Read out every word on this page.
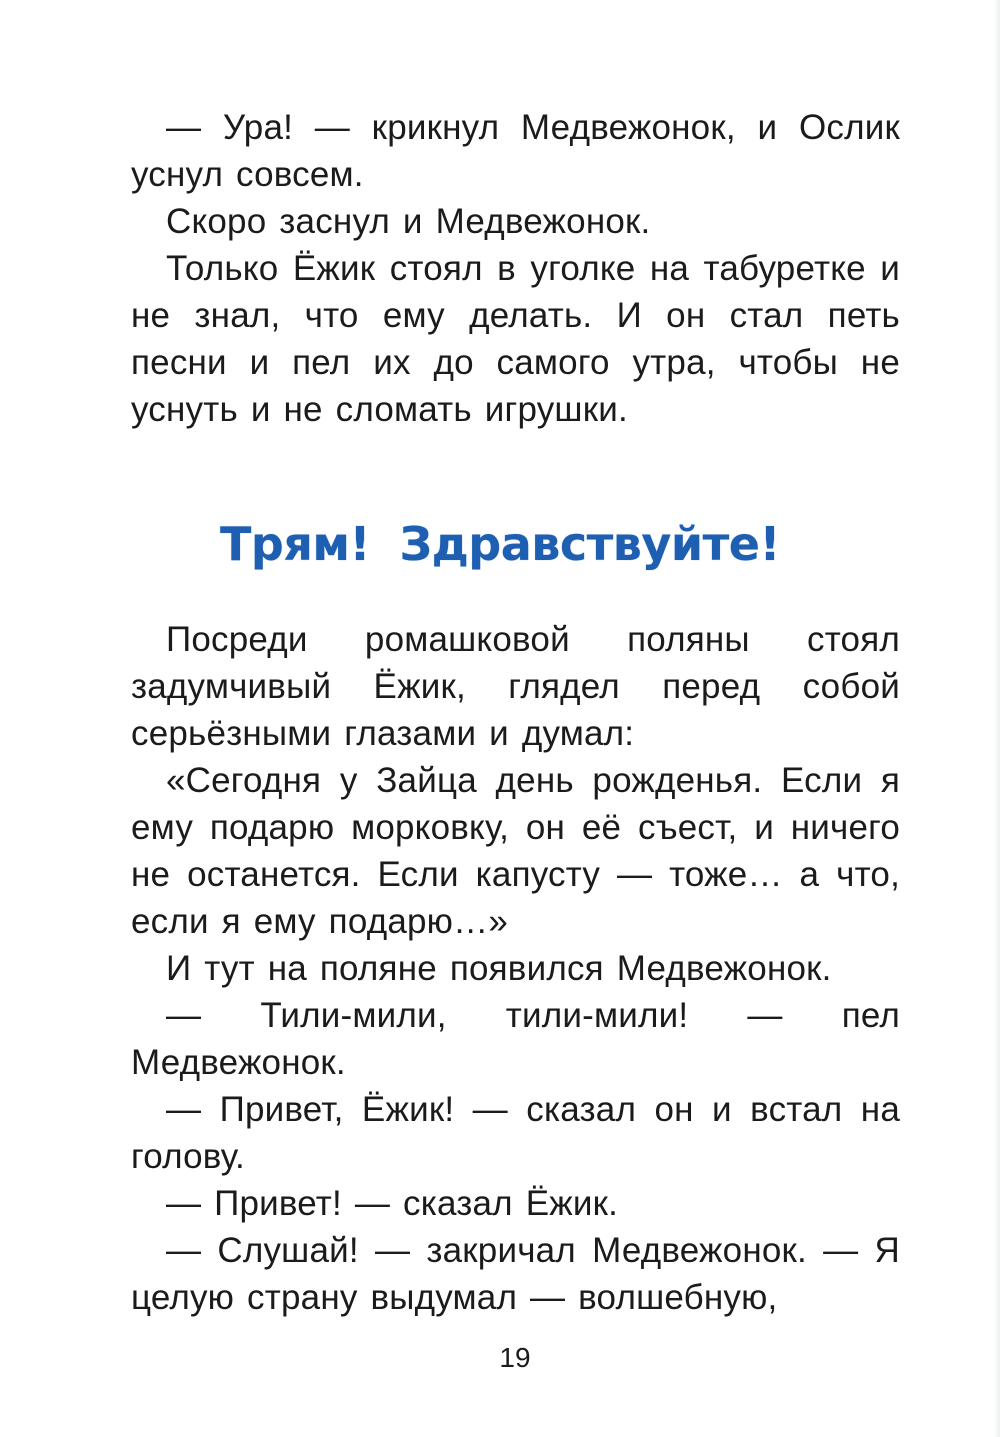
— Ура! — крикнул Медвежонок, и Ослик уснул совсем.

Скоро заснул и Медвежонок.

Только Ёжик стоял в уголке на табуретке и не знал, что ему делать. И он стал петь песни и пел их до самого утра, чтобы не уснуть и не сломать игрушки.

Трям! Здравствуйте!

Посреди ромашковой поляны стоял задумчивый Ёжик, глядел перед собой серьёзными глазами и думал:

«Сегодня у Зайца день рожденья. Если я ему подарю морковку, он её съест, и ничего не останется. Если капусту — тоже… а что, если я ему подарю…»

И тут на поляне появился Медвежонок.

— Тили-мили, тили-мили! — пел Медвежонок.

— Привет, Ёжик! — сказал он и встал на голову.

— Привет! — сказал Ёжик.

— Слушай! — закричал Медвежонок. — Я целую страну выдумал — волшебную,

19
